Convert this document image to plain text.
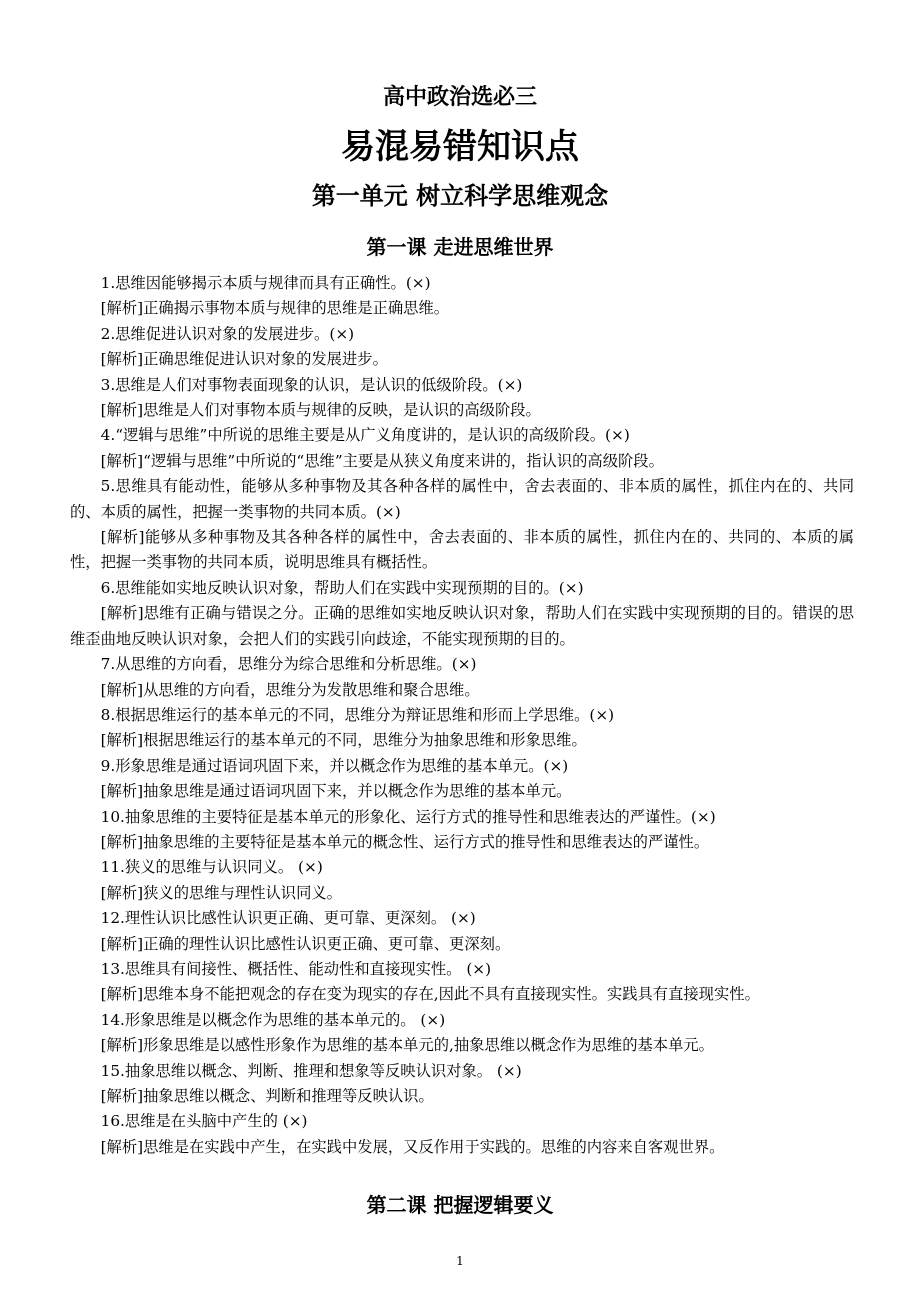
高中政治选必三
易混易错知识点
第一单元 树立科学思维观念
第一课 走进思维世界

1.思维因能够揭示本质与规律而具有正确性。(×)

[解析]正确揭示事物本质与规律的思维是正确思维。

2.思维促进认识对象的发展进步。(×)

[解析]正确思维促进认识对象的发展进步。

3.思维是人们对事物表面现象的认识，是认识的低级阶段。(×)

[解析]思维是人们对事物本质与规律的反映，是认识的高级阶段。

4.“逻辑与思维”中所说的思维主要是从广义角度讲的，是认识的高级阶段。(×)

[解析]“逻辑与思维”中所说的“思维”主要是从狭义角度来讲的，指认识的高级阶段。

5.思维具有能动性，能够从多种事物及其各种各样的属性中，舍去表面的、非本质的属性，抓住内在的、共同的、本质的属性，把握一类事物的共同本质。(×)

[解析]能够从多种事物及其各种各样的属性中，舍去表面的、非本质的属性，抓住内在的、共同的、本质的属性，把握一类事物的共同本质，说明思维具有概括性。

6.思维能如实地反映认识对象，帮助人们在实践中实现预期的目的。(×)

[解析]思维有正确与错误之分。正确的思维如实地反映认识对象，帮助人们在实践中实现预期的目的。错误的思维歪曲地反映认识对象，会把人们的实践引向歧途，不能实现预期的目的。

7.从思维的方向看，思维分为综合思维和分析思维。(×)

[解析]从思维的方向看，思维分为发散思维和聚合思维。

8.根据思维运行的基本单元的不同，思维分为辩证思维和形而上学思维。(×)

[解析]根据思维运行的基本单元的不同，思维分为抽象思维和形象思维。

9.形象思维是通过语词巩固下来，并以概念作为思维的基本单元。(×)

[解析]抽象思维是通过语词巩固下来，并以概念作为思维的基本单元。

10.抽象思维的主要特征是基本单元的形象化、运行方式的推导性和思维表达的严谨性。(×)

[解析]抽象思维的主要特征是基本单元的概念性、运行方式的推导性和思维表达的严谨性。

11.狭义的思维与认识同义。 (×)

[解析]狭义的思维与理性认识同义。

12.理性认识比感性认识更正确、更可靠、更深刻。 (×)

[解析]正确的理性认识比感性认识更正确、更可靠、更深刻。

13.思维具有间接性、概括性、能动性和直接现实性。 (×)

[解析]思维本身不能把观念的存在变为现实的存在,因此不具有直接现实性。实践具有直接现实性。

14.形象思维是以概念作为思维的基本单元的。 (×)

[解析]形象思维是以感性形象作为思维的基本单元的,抽象思维以概念作为思维的基本单元。

15.抽象思维以概念、判断、推理和想象等反映认识对象。 (×)

[解析]抽象思维以概念、判断和推理等反映认识。

16.思维是在头脑中产生的 (×)

[解析]思维是在实践中产生，在实践中发展，又反作用于实践的。思维的内容来自客观世界。

第二课 把握逻辑要义
1
